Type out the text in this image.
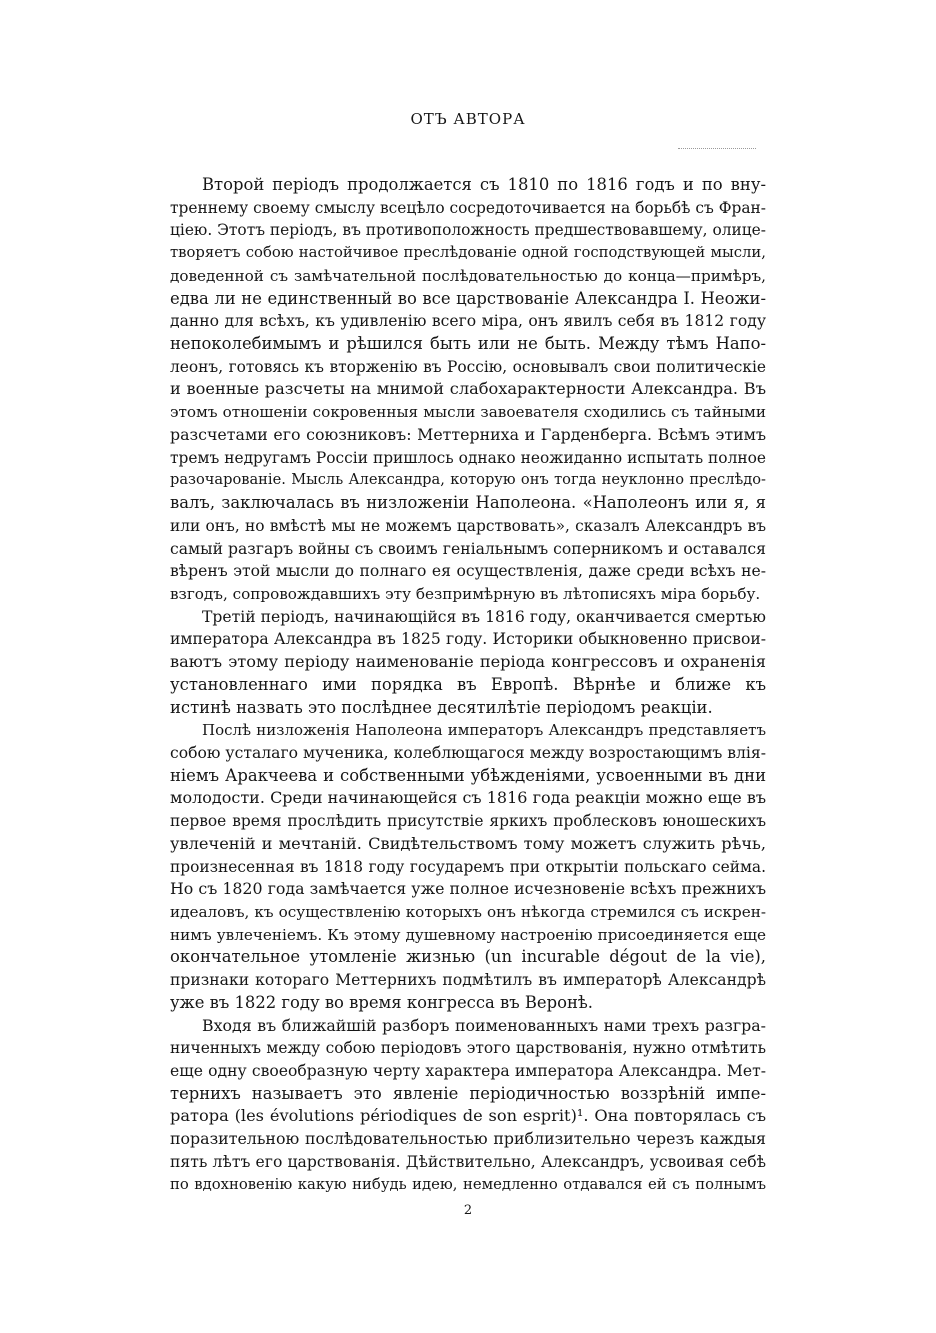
ОТЪ АВТОРА
Второй періодъ продолжается съ 1810 по 1816 годъ и по вну-
треннему своему смыслу всецѣло сосредоточивается на борьбѣ съ Фран-
ціею. Этотъ періодъ, въ противоположность предшествовавшему, олице-
творяетъ собою настойчивое преслѣдованіе одной господствующей мысли,
доведенной съ замѣчательной послѣдовательностью до конца—примѣръ,
едва ли не единственный во все царствованіе Александра I. Неожи-
данно для всѣхъ, къ удивленію всего міра, онъ явилъ себя въ 1812 году
непоколебимымъ и рѣшился быть или не быть. Между тѣмъ Напо-
леонъ, готовясь къ вторженію въ Россію, основывалъ свои политическіе
и военные разсчеты на мнимой слабохарактерности Александра. Въ
этомъ отношеніи сокровенныя мысли завоевателя сходились съ тайными
разсчетами его союзниковъ: Меттерниха и Гарденберга. Всѣмъ этимъ
тремъ недругамъ Россіи пришлось однако неожиданно испытать полное
разочарованіе. Мысль Александра, которую онъ тогда неуклонно преслѣдо-
валъ, заключалась въ низложеніи Наполеона. «Наполеонъ или я, я
или онъ, но вмѣстѣ мы не можемъ царствовать», сказалъ Александръ въ
самый разгаръ войны съ своимъ геніальнымъ соперникомъ и оставался
вѣренъ этой мысли до полнаго ея осуществленія, даже среди всѣхъ не-
взгодъ, сопровождавшихъ эту безпримѣрную въ лѣтописяхъ міра борьбу.
Третій періодъ, начинающійся въ 1816 году, оканчивается смертью
императора Александра въ 1825 году. Историки обыкновенно присвои-
ваютъ этому періоду наименованіе періода конгрессовъ и охраненія
установленнаго ими порядка въ Европѣ. Вѣрнѣе и ближе къ
истинѣ назвать это послѣднее десятилѣтіе періодомъ реакціи.
Послѣ низложенія Наполеона императоръ Александръ представляетъ
собою усталаго мученика, колеблющагося между возростающимъ влія-
ніемъ Аракчеева и собственными убѣжденіями, усвоенными въ дни
молодости. Среди начинающейся съ 1816 года реакціи можно еще въ
первое время прослѣдить присутствіе яркихъ проблесковъ юношескихъ
увлеченій и мечтаній. Свидѣтельствомъ тому можетъ служить рѣчь,
произнесенная въ 1818 году государемъ при открытіи польскаго сейма.
Но съ 1820 года замѣчается уже полное исчезновеніе всѣхъ прежнихъ
идеаловъ, къ осуществленію которыхъ онъ нѣкогда стремился съ искрен-
нимъ увлеченіемъ. Къ этому душевному настроенію присоединяется еще
окончательное утомленіе жизнью (un incurable dégout de la vie),
признаки котораго Меттернихъ подмѣтилъ въ императорѣ Александрѣ
уже въ 1822 году во время конгресса въ Веронѣ.
Входя въ ближайшій разборъ поименованныхъ нами трехъ разгра-
ниченныхъ между собою періодовъ этого царствованія, нужно отмѣтить
еще одну своеобразную черту характера императора Александра. Мет-
тернихъ называетъ это явленіе періодичностью воззрѣній импе-
ратора (les évolutions périodiques de son esprit)¹. Она повторялась съ
поразительною послѣдовательностью приблизительно черезъ каждыя
пять лѣтъ его царствованія. Дѣйствительно, Александръ, усвоивая себѣ
по вдохновенію какую нибудь идею, немедленно отдавался ей съ полнымъ
2
